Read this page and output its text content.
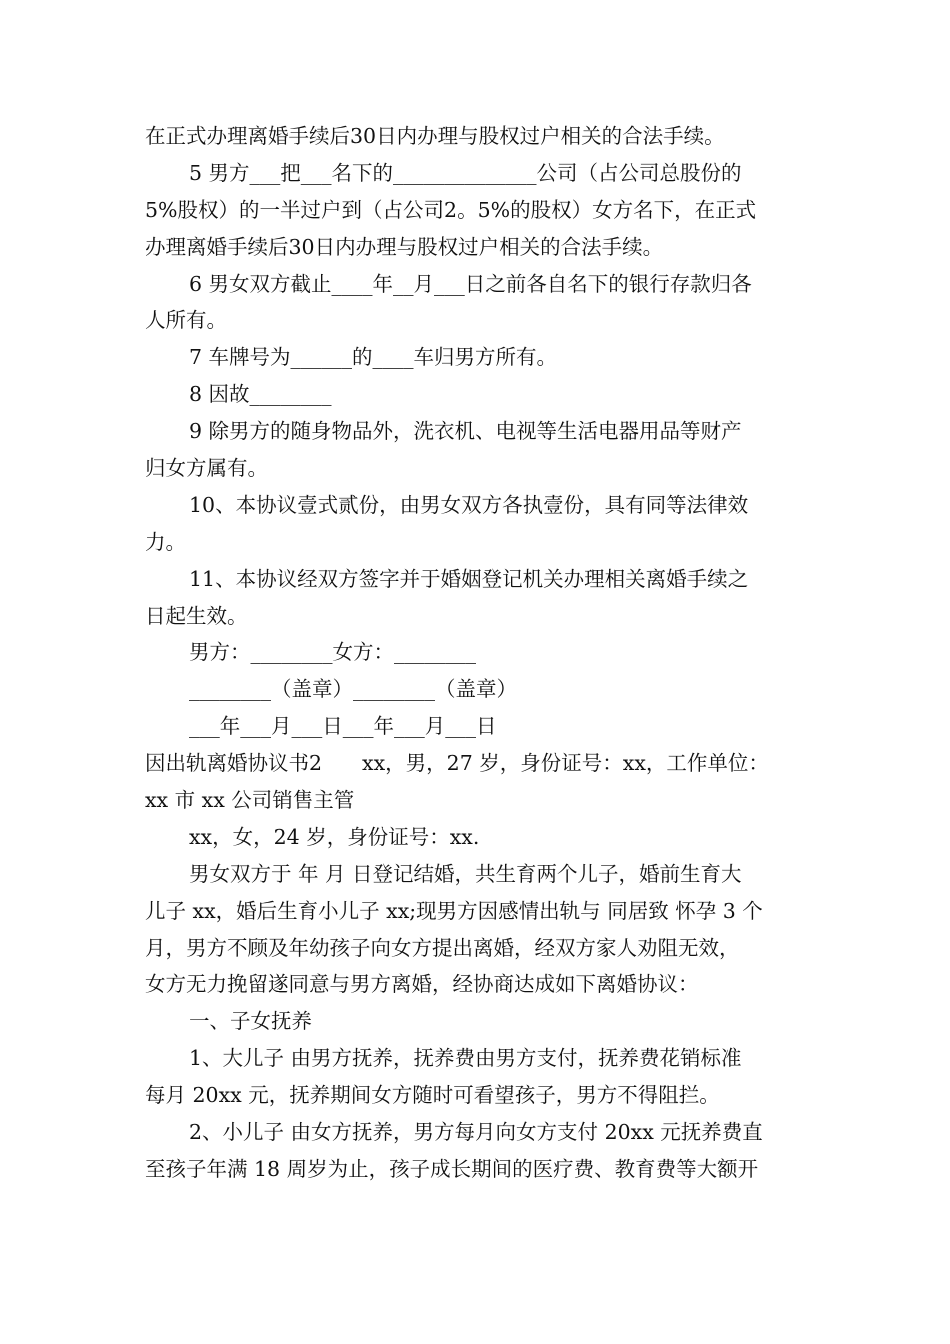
在正式办理离婚手续后30日内办理与股权过户相关的合法手续。
5 男方___把___名下的______________公司（占公司总股份的
5%股权）的一半过户到（占公司2。5%的股权）女方名下，在正式
办理离婚手续后30日内办理与股权过户相关的合法手续。
6 男女双方截止____年__月___日之前各自名下的银行存款归各
人所有。
7 车牌号为______的____车归男方所有。
8 因故________
9 除男方的随身物品外，洗衣机、电视等生活电器用品等财产
归女方属有。
10、本协议壹式贰份，由男女双方各执壹份，具有同等法律效
力。
11、本协议经双方签字并于婚姻登记机关办理相关离婚手续之
日起生效。
男方：________女方：________
________（盖章）________（盖章）
___年___月___日___年___月___日
因出轨离婚协议书2 xx，男，27 岁，身份证号：xx，工作单位：
xx 市 xx 公司销售主管
xx，女，24 岁，身份证号：xx.
男女双方于 年 月 日登记结婚，共生育两个儿子，婚前生育大
儿子 xx，婚后生育小儿子 xx;现男方因感情出轨与 同居致 怀孕 3 个
月，男方不顾及年幼孩子向女方提出离婚，经双方家人劝阻无效，
女方无力挽留遂同意与男方离婚，经协商达成如下离婚协议：
一、子女抚养
1、大儿子 由男方抚养，抚养费由男方支付，抚养费花销标准
每月 20xx 元，抚养期间女方随时可看望孩子，男方不得阻拦。
2、小儿子 由女方抚养，男方每月向女方支付 20xx 元抚养费直
至孩子年满 18 周岁为止，孩子成长期间的医疗费、教育费等大额开
